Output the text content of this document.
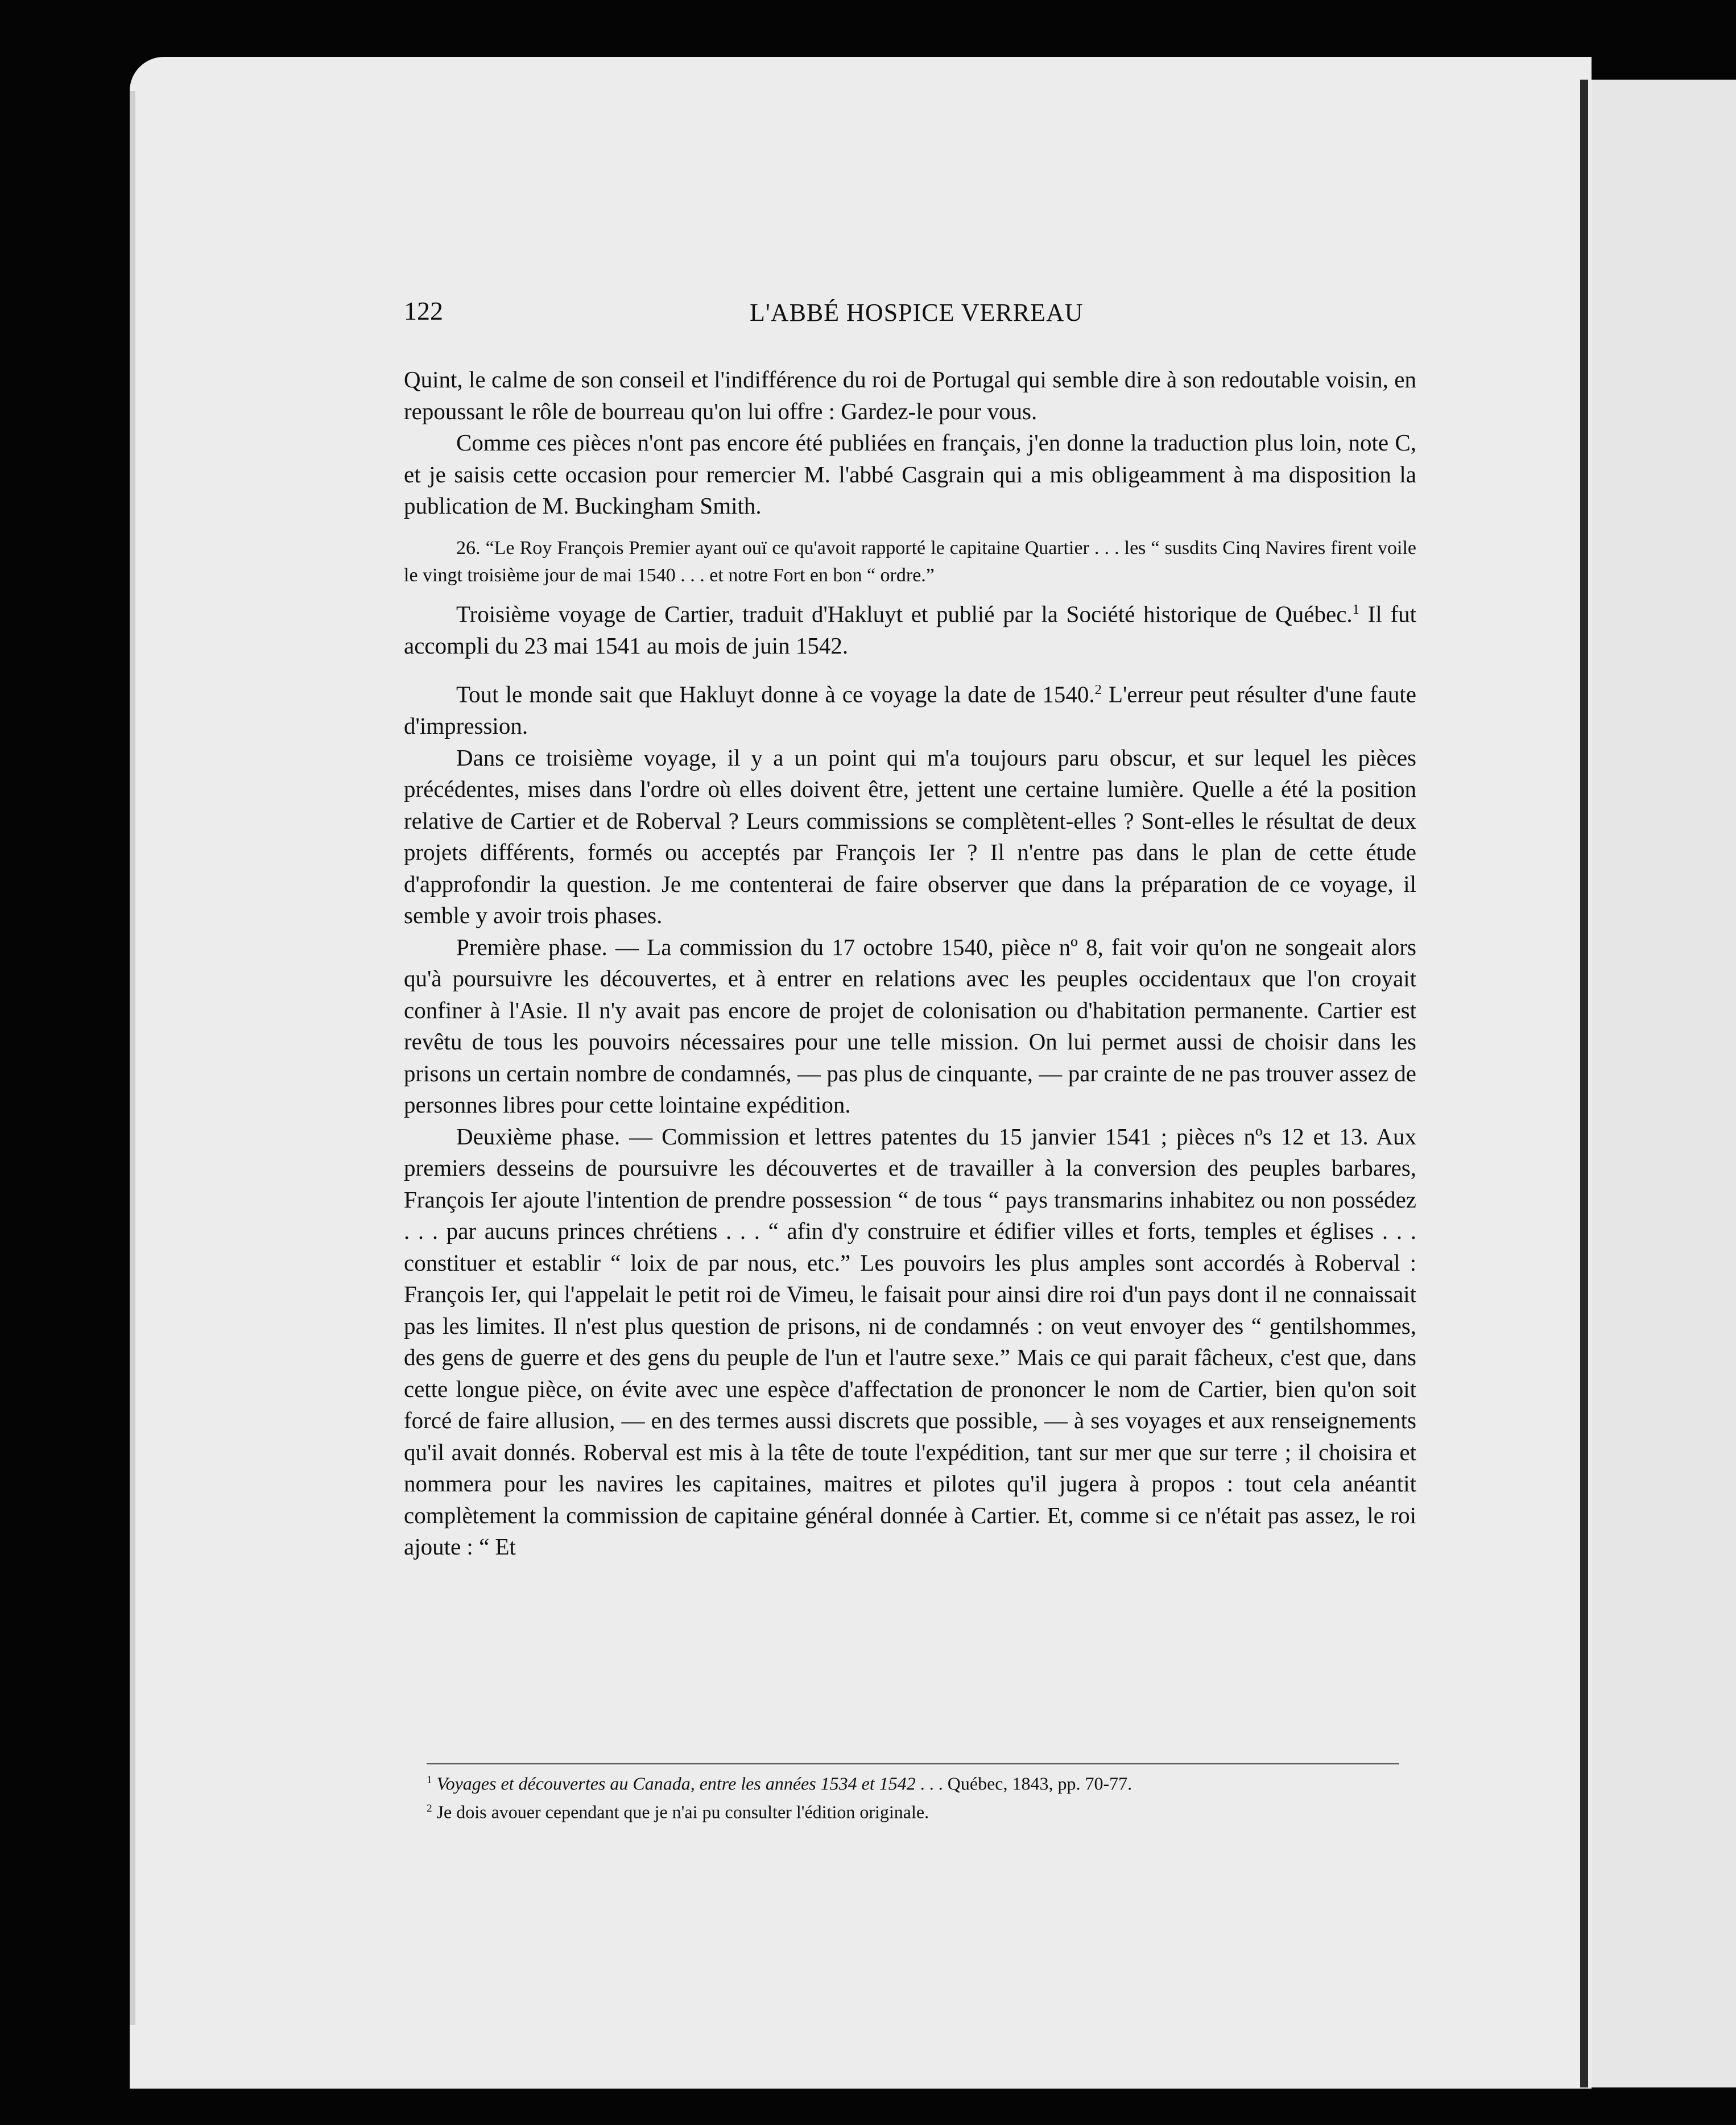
122	L'ABBÉ HOSPICE VERREAU

Quint, le calme de son conseil et l'indifférence du roi de Portugal qui semble dire à son redoutable voisin, en repoussant le rôle de bourreau qu'on lui offre : Gardez-le pour vous.

Comme ces pièces n'ont pas encore été publiées en français, j'en donne la traduction plus loin, note C, et je saisis cette occasion pour remercier M. l'abbé Casgrain qui a mis obligeamment à ma disposition la publication de M. Buckingham Smith.

26. “Le Roy François Premier ayant ouï ce qu'avoit rapporté le capitaine Quartier . . . les “ susdits Cinq Navires firent voile le vingt troisième jour de mai 1540 . . . et notre Fort en bon “ ordre.”

Troisième voyage de Cartier, traduit d'Hakluyt et publié par la Société historique de Québec.$^1$ Il fut accompli du 23 mai 1541 au mois de juin 1542.

Tout le monde sait que Hakluyt donne à ce voyage la date de 1540.$^2$ L'erreur peut résulter d'une faute d'impression.

Dans ce troisième voyage, il y a un point qui m'a toujours paru obscur, et sur lequel les pièces précédentes, mises dans l'ordre où elles doivent être, jettent une certaine lumière. Quelle a été la position relative de Cartier et de Roberval ? Leurs commissions se complètent-elles ? Sont-elles le résultat de deux projets différents, formés ou acceptés par François Ier ? Il n'entre pas dans le plan de cette étude d'approfondir la question. Je me contenterai de faire observer que dans la préparation de ce voyage, il semble y avoir trois phases.

Première phase. — La commission du 17 octobre 1540, pièce nº 8, fait voir qu'on ne songeait alors qu'à poursuivre les découvertes, et à entrer en relations avec les peuples occidentaux que l'on croyait confiner à l'Asie. Il n'y avait pas encore de projet de colonisation ou d'habitation permanente. Cartier est revêtu de tous les pouvoirs nécessaires pour une telle mission. On lui permet aussi de choisir dans les prisons un certain nombre de condamnés, — pas plus de cinquante, — par crainte de ne pas trouver assez de personnes libres pour cette lointaine expédition.

Deuxième phase. — Commission et lettres patentes du 15 janvier 1541 ; pièces nºs 12 et 13. Aux premiers desseins de poursuivre les découvertes et de travailler à la conversion des peuples barbares, François Ier ajoute l'intention de prendre possession “ de tous “ pays transmarins inhabitez ou non possédez . . . par aucuns princes chrétiens . . . “ afin d'y construire et édifier villes et forts, temples et églises . . . constituer et establir “ loix de par nous, etc.” Les pouvoirs les plus amples sont accordés à Roberval : François Ier, qui l'appelait le petit roi de Vimeu, le faisait pour ainsi dire roi d'un pays dont il ne connaissait pas les limites. Il n'est plus question de prisons, ni de condamnés : on veut envoyer des “ gentilshommes, des gens de guerre et des gens du peuple de l'un et l'autre sexe.” Mais ce qui parait fâcheux, c'est que, dans cette longue pièce, on évite avec une espèce d'affectation de prononcer le nom de Cartier, bien qu'on soit forcé de faire allusion, — en des termes aussi discrets que possible, — à ses voyages et aux renseignements qu'il avait donnés. Roberval est mis à la tête de toute l'expédition, tant sur mer que sur terre ; il choisira et nommera pour les navires les capitaines, maitres et pilotes qu'il jugera à propos : tout cela anéantit complètement la commission de capitaine général donnée à Cartier. Et, comme si ce n'était pas assez, le roi ajoute : “ Et

$^1$ Voyages et découvertes au Canada, entre les années 1534 et 1542 . . . Québec, 1843, pp. 70-77.
$^2$ Je dois avouer cependant que je n'ai pu consulter l'édition originale.
